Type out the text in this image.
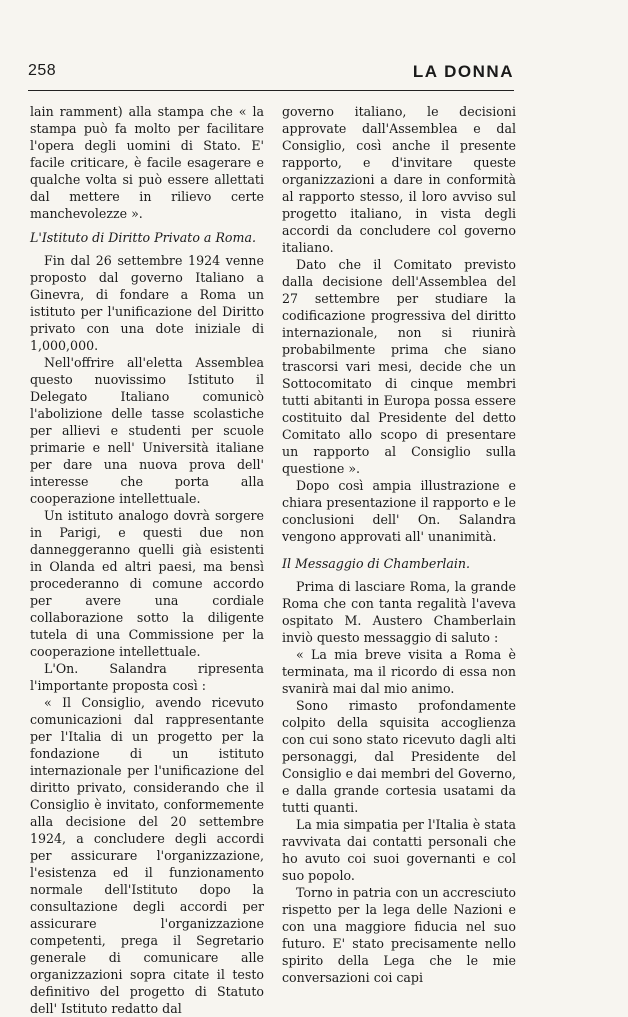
258	LA DONNA

lain ramment) alla stampa che « la stampa può fa molto per facilitare l'opera degli uomini di Stato. E' facile criticare, è facile esagerare e qualche volta si può essere allettati dal mettere in rilievo certe manchevolezze ».

L'Istituto di Diritto Privato a Roma.

Fin dal 26 settembre 1924 venne proposto dal governo Italiano a Ginevra, di fondare a Roma un istituto per l'unificazione del Diritto privato con una dote iniziale di 1,000,000.

Nell'offrire all'eletta Assemblea questo nuovissimo Istituto il Delegato Italiano comunicò l'abolizione delle tasse scolastiche per allievi e studenti per scuole primarie e nell' Università italiane per dare una nuova prova dell' interesse che porta alla cooperazione intellettuale.

Un istituto analogo dovrà sorgere in Parigi, e questi due non danneggeranno quelli già esistenti in Olanda ed altri paesi, ma bensì procederanno di comune accordo per avere una cordiale collaborazione sotto la diligente tutela di una Commissione per la cooperazione intellettuale.

L'On. Salandra ripresenta l'importante proposta così :

« Il Consiglio, avendo ricevuto comunicazioni dal rappresentante per l'Italia di un progetto per la fondazione di un istituto internazionale per l'unificazione del diritto privato, considerando che il Consiglio è invitato, conformemente alla decisione del 20 settembre 1924, a concludere degli accordi per assicurare l'organizzazione, l'esistenza ed il funzionamento normale dell'Istituto dopo la consultazione degli accordi per assicurare l'organizzazione competenti, prega il Segretario generale di comunicare alle organizzazioni sopra citate il testo definitivo del progetto di Statuto dell' Istituto redatto dal

governo italiano, le decisioni approvate dall'Assemblea e dal Consiglio, così anche il presente rapporto, e d'invitare queste organizzazioni a dare in conformità al rapporto stesso, il loro avviso sul progetto italiano, in vista degli accordi da concludere col governo italiano.

Dato che il Comitato previsto dalla decisione dell'Assemblea del 27 settembre per studiare la codificazione progressiva del diritto internazionale, non si riunirà probabilmente prima che siano trascorsi vari mesi, decide che un Sottocomitato di cinque membri tutti abitanti in Europa possa essere costituito dal Presidente del detto Comitato allo scopo di presentare un rapporto al Consiglio sulla questione ».

Dopo così ampia illustrazione e chiara presentazione il rapporto e le conclusioni dell' On. Salandra vengono approvati all' unanimità.

Il Messaggio di Chamberlain.

Prima di lasciare Roma, la grande Roma che con tanta regalità l'aveva ospitato M. Austero Chamberlain inviò questo messaggio di saluto :

« La mia breve visita a Roma è terminata, ma il ricordo di essa non svanirà mai dal mio animo.

Sono rimasto profondamente colpito della squisita accoglienza con cui sono stato ricevuto dagli alti personaggi, dal Presidente del Consiglio e dai membri del Governo, e dalla grande cortesia usatami da tutti quanti.

La mia simpatia per l'Italia è stata ravvivata dai contatti personali che ho avuto coi suoi governanti e col suo popolo.

Torno in patria con un accresciuto rispetto per la lega delle Nazioni e con una maggiore fiducia nel suo futuro. E' stato precisamente nello spirito della Lega che le mie conversazioni coi capi
